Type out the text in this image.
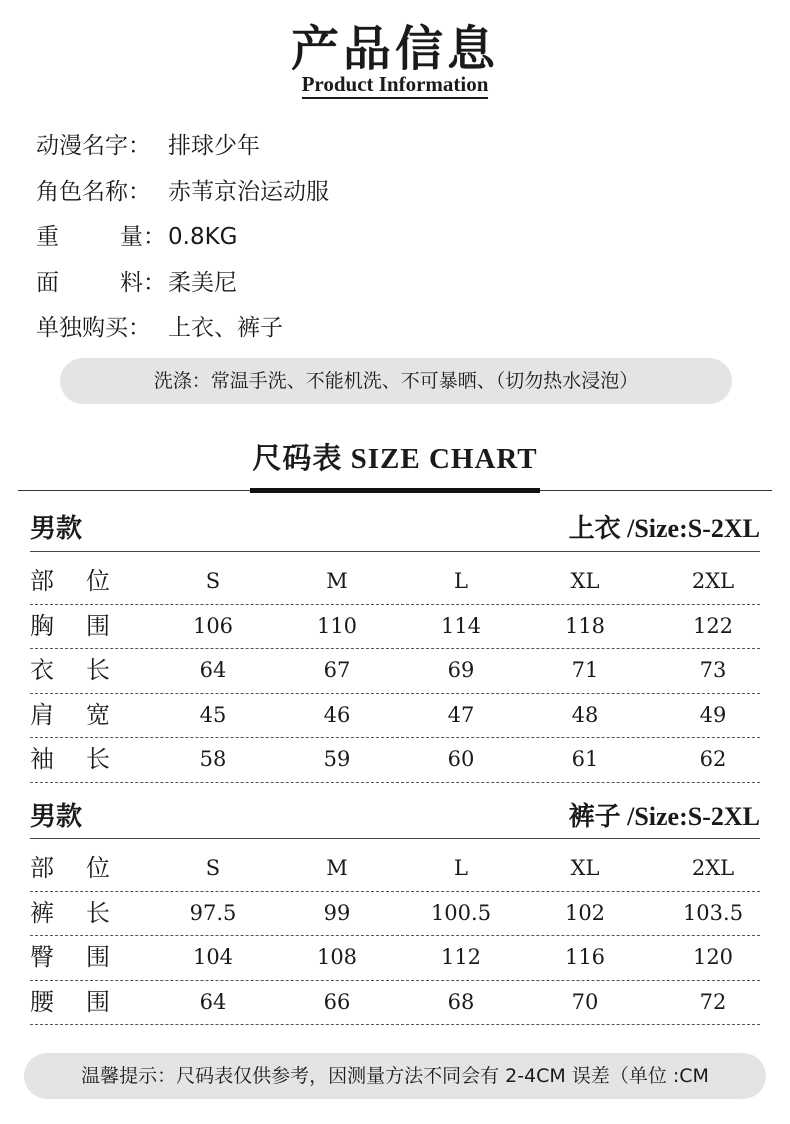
产品信息
Product Information
动漫名字： 排球少年
角色名称： 赤苇京治运动服
重	量： 0.8KG
面	料： 柔美尼
单独购买： 上衣、裤子
洗涤：常温手洗、不能机洗、不可暴晒、（切勿热水浸泡）
尺码表 SIZE CHART
男款	上衣 /Size:S-2XL
部 位	S	M	L	XL	2XL
胸 围	106	110	114	118	122
衣 长	64	67	69	71	73
肩 宽	45	46	47	48	49
袖 长	58	59	60	61	62
男款	裤子 /Size:S-2XL
部 位	S	M	L	XL	2XL
裤 长	97.5	99	100.5	102	103.5
臀 围	104	108	112	116	120
腰 围	64	66	68	70	72
温馨提示：尺码表仅供参考，因测量方法不同会有 2-4CM 误差（单位 :CM
